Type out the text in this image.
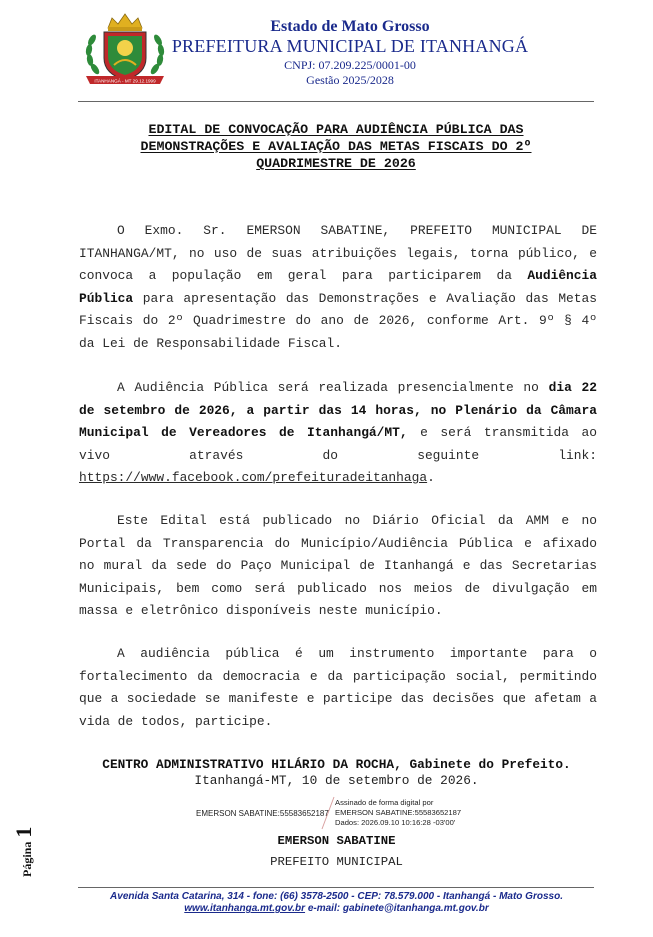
ITANHANGÁ - MT 29.12.1999
Estado de Mato Grosso
PREFEITURA MUNICIPAL DE ITANHANGÁ
CNPJ: 07.209.225/0001-00
Gestão 2025/2028
EDITAL DE CONVOCAÇÃO PARA AUDIÊNCIA PÚBLICA DAS
DEMONSTRAÇÕES E AVALIAÇÃO DAS METAS FISCAIS DO 2º
QUADRIMESTRE DE 2026

O Exmo. Sr. EMERSON SABATINE, PREFEITO MUNICIPAL DE ITANHANGA/MT, no uso de suas atribuições legais, torna público, e convoca a população em geral para participarem da Audiência Pública para apresentação das Demonstrações e Avaliação das Metas Fiscais do 2º Quadrimestre do ano de 2026, conforme Art. 9º § 4º da Lei de Responsabilidade Fiscal.

A Audiência Pública será realizada presencialmente no dia 22 de setembro de 2026, a partir das 14 horas, no Plenário da Câmara Municipal de Vereadores de Itanhangá/MT, e será transmitida ao vivo através do seguinte link: https://www.facebook.com/prefeituradeitanhaga.

Este Edital está publicado no Diário Oficial da AMM e no Portal da Transparencia do Município/Audiência Pública e afixado no mural da sede do Paço Municipal de Itanhangá e das Secretarias Municipais, bem como será publicado nos meios de divulgação em massa e eletrônico disponíveis neste município.

A audiência pública é um instrumento importante para o fortalecimento da democracia e da participação social, permitindo que a sociedade se manifeste e participe das decisões que afetam a vida de todos, participe.

CENTRO ADMINISTRATIVO HILÁRIO DA ROCHA, Gabinete do Prefeito.
Itanhangá-MT, 10 de setembro de 2026.
EMERSON SABATINE:55583652187
Assinado de forma digital por
EMERSON SABATINE:55583652187
Dados: 2026.09.10 10:16:28 -03'00'
EMERSON SABATINE
PREFEITO MUNICIPAL
Página1
Avenida Santa Catarina, 314 - fone: (66) 3578-2500 - CEP: 78.579.000 - Itanhangá - Mato Grosso.
www.itanhanga.mt.gov.br e-mail: gabinete@itanhanga.mt.gov.br
